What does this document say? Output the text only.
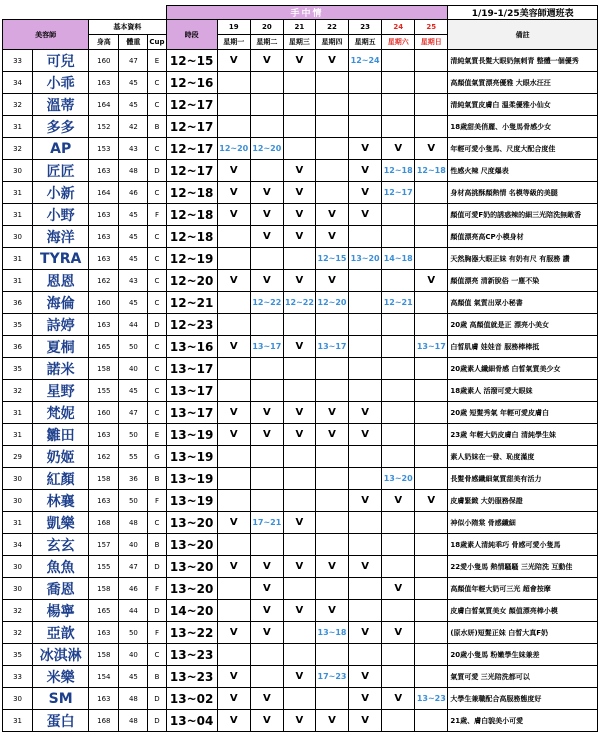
					手中情								1/19-1/25美容師週班表
美容師		基本資料			時段	19	20	21	22	23	24	25	備註
		身高	體重	Cup		星期一	星期二	星期三	星期四	星期五	星期六	星期日	
33	可兒	160	47	E	12~15	V	V	V	V	12~24			清純氣質長髮大眼奶無刺青 整體一個優秀
34	小乖	163	45	C	12~16								高顏值氣質漂亮優雅 大眼水汪汪
32	溫蒂	164	45	C	12~17								清純氣質皮膚白 溫柔優雅小仙女
31	多多	152	42	B	12~17								18歲甜美俏麗、小隻馬骨感少女
32	AP	153	43	C	12~17	12~20	12~20			V	V	V	年輕可愛小隻馬、尺度大配合度佳
30	匠匠	163	48	D	12~17	V		V		V	12~18	12~18	性感火辣 尺度爆表
31	小新	164	46	C	12~18	V	V	V		V	12~17		身材高挑酥顏熱情 名模等級的美腿
31	小野	163	45	F	12~18	V	V	V	V	V			顏值可愛F奶的誘惑辣的細三光陪洗無敵香
30	海洋	163	45	C	12~18		V	V	V				顏值漂亮高CP小模身材
31	TYRA	163	45	C	12~19				12~15	13~20	14~18		天然胸器大眼正妹 有奶有尺 有服務 讚
31	恩恩	162	43	C	12~20	V	V	V	V			V	顏值漂亮 清新脫俗 一塵不染
36	海倫	160	45	C	12~21		12~22	12~22	12~20		12~21		高顏值 氣質出眾小秘書
35	詩婷	163	44	D	12~23								20歲 高顏值就是正 漂亮小美女
36	夏桐	165	50	C	13~16	V	13~17	V	13~17			13~17	白皙肌膚 娃娃音 服務棒棒抵
35	諾米	158	40	C	13~17								20歲素人纖細骨感 白皙氣質美少女
32	星野	155	45	C	13~17								18歲素人 活潑可愛大眼妹
31	梵妮	160	47	C	13~17	V	V	V	V	V			20歲 短髮秀氣 年輕可愛皮膚白
31	雛田	163	50	E	13~19	V	V	V	V	V			23歲 年輕大奶皮膚白 清純學生妹
29	奶姬	162	55	G	13~19								素人奶妹在一發、恥度滿度
30	紅顏	158	36	B	13~19						13~20		長髮骨感纖細氣質甜美有活力
30	林襄	163	50	F	13~19					V	V	V	皮膚緊緻 大奶服務保證
31	凱樂	168	48	C	13~20	V	17~21	V					神似小隋棠 骨感纖細
34	玄玄	157	40	B	13~20								18歲素人清純乖巧 骨感可愛小隻馬
30	魚魚	155	47	D	13~20	V	V	V	V	V			22愛小隻馬 熱情騷騷 三光陪洗 互動佳
30	喬恩	158	46	F	13~20		V				V		高顏值年輕大奶可三光 超會按摩
32	楊寧	165	44	D	14~20		V	V	V				皮膚白皙氣質美女 顏值漂亮棒小模
32	亞歆	163	50	F	13~22	V	V		13~18	V	V		(原水妍)短髮正妹 白皙大真F奶
35	冰淇淋	158	40	C	13~23								20歲小隻馬 粉嫩學生妹兼差
33	米樂	154	45	B	13~23	V		V	17~23	V			氣質可愛 三光陪洗都可以
30	SM	163	48	D	13~02	V	V			V	V	13~23	大學生兼職配合高服務態度好
31	蛋白	168	48	D	13~04	V	V	V	V	V			21歲、膚白貌美小可愛
